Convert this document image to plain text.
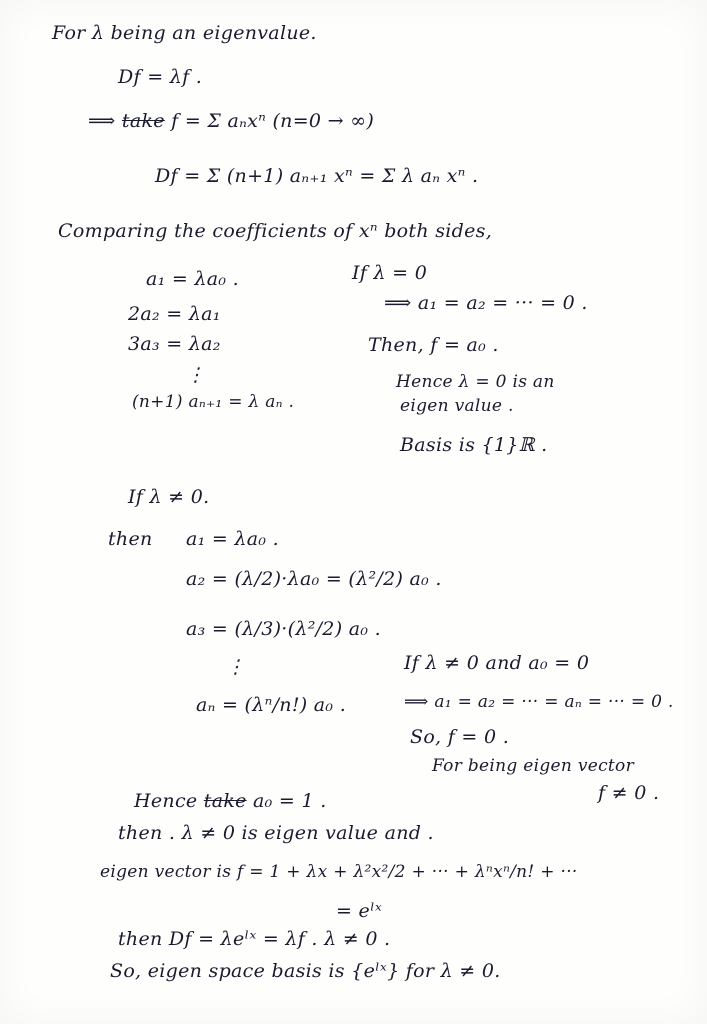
For λ being an eigenvalue.
Df = λf .
⟹ take f = Σ aₙxⁿ (n=0 → ∞)
Df = Σ (n+1) aₙ₊₁ xⁿ = Σ λ aₙ xⁿ .
Comparing the coefficients of xⁿ both sides,
a₁ = λa₀ .
2a₂ = λa₁
3a₃ = λa₂
⋮
(n+1) aₙ₊₁ = λ aₙ .
If λ = 0
⟹ a₁ = a₂ = ··· = 0 .
Then, f = a₀ .
Hence λ = 0 is an
eigen value .
Basis is {1}ℝ .
If λ ≠ 0.
then a₁ = λa₀ .
a₂ = (λ/2)·λa₀ = (λ²/2) a₀ .
a₃ = (λ/3)·(λ²/2) a₀ .
⋮
aₙ = (λⁿ/n!) a₀ .
If λ ≠ 0 and a₀ = 0
⟹ a₁ = a₂ = ··· = aₙ = ··· = 0 .
So, f = 0 .
For being eigen vector
f ≠ 0 .
Hence take a₀ = 1 .
then . λ ≠ 0 is eigen value and .
eigen vector is f = 1 + λx + λ²x²/2 + ··· + λⁿxⁿ/n! + ···
= eˡˣ
then Df = λeˡˣ = λf . λ ≠ 0 .
So, eigen space basis is {eˡˣ} for λ ≠ 0.
